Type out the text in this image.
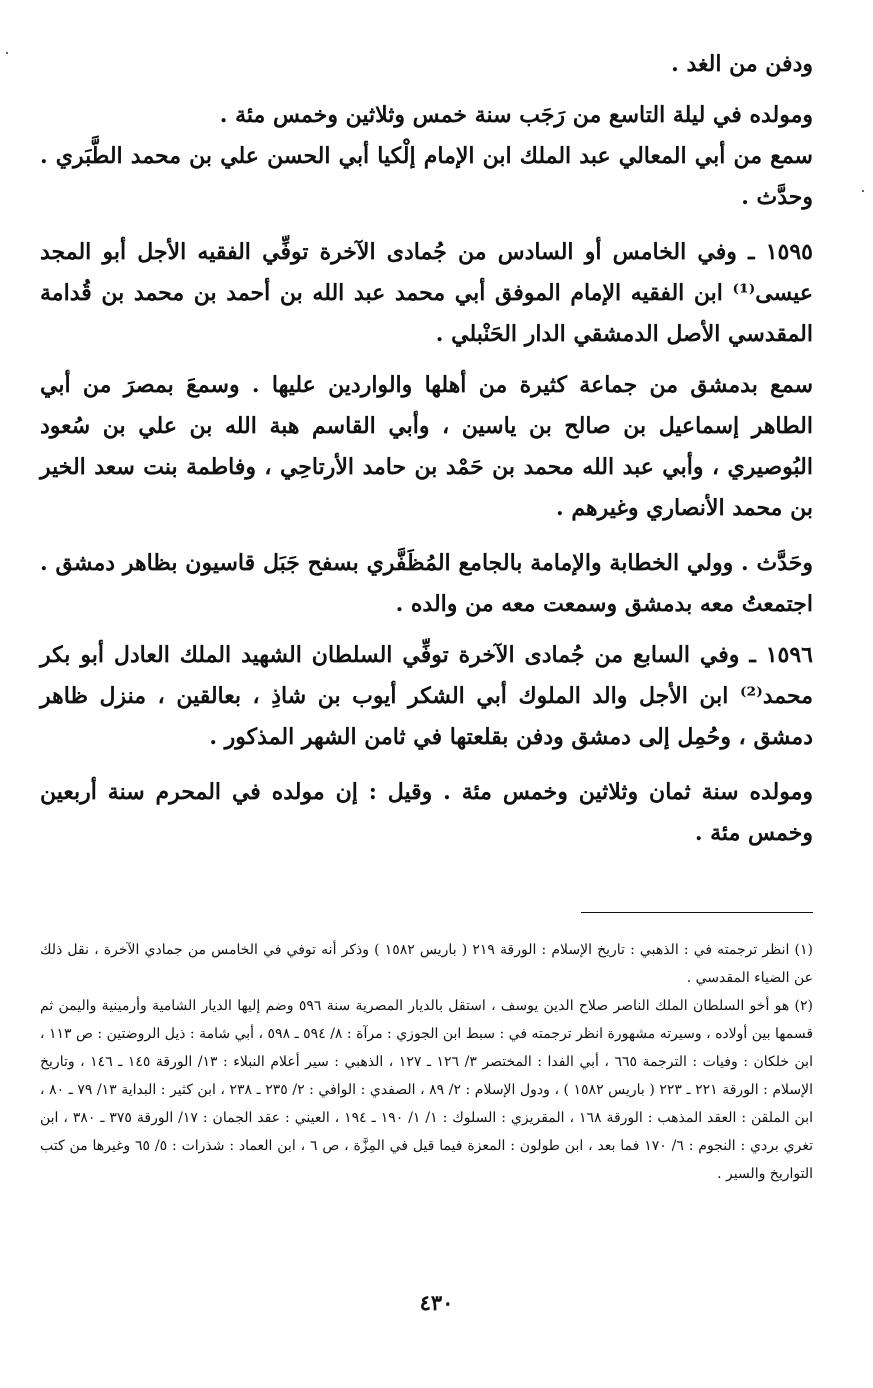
ودفن من الغد .

ومولده في ليلة التاسع من رَجَب سنة خمس وثلاثين وخمس مئة .

سمع من أبي المعالي عبد الملك ابن الإمام إلْكيا أبي الحسن علي بن محمد الطَّبَري . وحدَّث .

١٥٩٥ ـ وفي الخامس أو السادس من جُمادى الآخرة توفِّي الفقيه الأجل أبو المجد عيسى⁽¹⁾ ابن الفقيه الإمام الموفق أبي محمد عبد الله بن أحمد بن محمد بن قُدامة المقدسي الأصل الدمشقي الدار الحَنْبلي .

سمع بدمشق من جماعة كثيرة من أهلها والواردين عليها . وسمعَ بمصرَ من أبي الطاهر إسماعيل بن صالح بن ياسين ، وأبي القاسم هبة الله بن علي بن سُعود البُوصيري ، وأبي عبد الله محمد بن حَمْد بن حامد الأرتاحِي ، وفاطمة بنت سعد الخير بن محمد الأنصاري وغيرهم .

وحَدَّث . وولي الخطابة والإمامة بالجامع المُظَفَّري بسفح جَبَل قاسيون بظاهر دمشق . اجتمعتُ معه بدمشق وسمعت معه من والده .

١٥٩٦ ـ وفي السابع من جُمادى الآخرة توفِّي السلطان الشهيد الملك العادل أبو بكر محمد⁽²⁾ ابن الأجل والد الملوك أبي الشكر أيوب بن شاذِ ، بعالقين ، منزل ظاهر دمشق ، وحُمِل إلى دمشق ودفن بقلعتها في ثامن الشهر المذكور .

ومولده سنة ثمان وثلاثين وخمس مئة . وقيل : إن مولده في المحرم سنة أربعين وخمس مئة .

(١) انظر ترجمته في : الذهبي : تاريخ الإسلام : الورقة ٢١٩ ( باريس ١٥٨٢ ) وذكر أنه توفي في الخامس من جمادي الآخرة ، نقل ذلك عن الضياء المقدسي .

(٢) هو أخو السلطان الملك الناصر صلاح الدين يوسف ، استقل بالديار المصرية سنة ٥٩٦ وضم إليها الديار الشامية وأرمينية واليمن ثم قسمها بين أولاده ، وسيرته مشهورة انظر ترجمته في : سبط ابن الجوزي : مرآة : ٨/ ٥٩٤ ـ ٥٩٨ ، أبي شامة : ذيل الروضتين : ص ١١٣ ، ابن خلكان : وفيات : الترجمة ٦٦٥ ، أبي الفدا : المختصر ٣/ ١٢٦ ـ ١٢٧ ، الذهبي : سير أعلام النبلاء : ١٣/ الورقة ١٤٥ ـ ١٤٦ ، وتاريخ الإسلام : الورقة ٢٢١ ـ ٢٢٣ ( باريس ١٥٨٢ ) ، ودول الإسلام : ٢/ ٨٩ ، الصفدي : الوافي : ٢/ ٢٣٥ ـ ٢٣٨ ، ابن كثير : البداية ١٣/ ٧٩ ـ ٨٠ ، ابن الملقن : العقد المذهب : الورقة ١٦٨ ، المقريزي : السلوك : ١/ ١/ ١٩٠ ـ ١٩٤ ، العيني : عقد الجمان : ١٧/ الورقة ٣٧٥ ـ ٣٨٠ ، ابن تغري بردي : النجوم : ٦/ ١٧٠ فما بعد ، ابن طولون : المعزة فيما قيل في المِزَّة ، ص ٦ ، ابن العماد : شذرات : ٥/ ٦٥ وغيرها من كتب التواريخ والسير .

٤٣٠
